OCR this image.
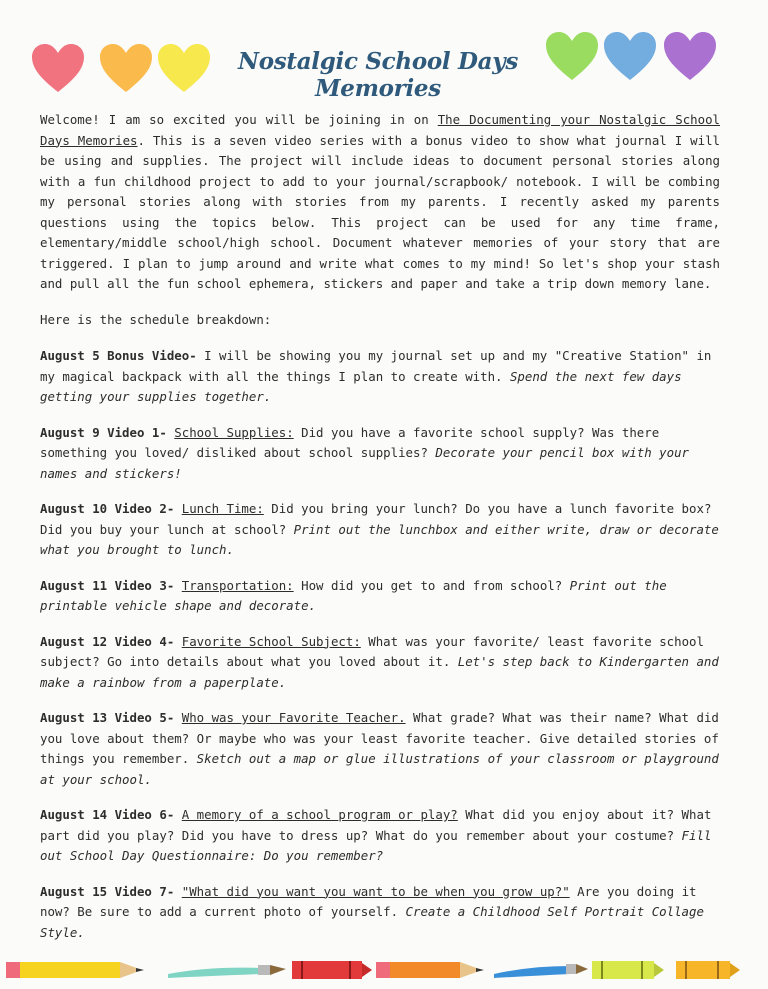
Nostalgic School Days Memories

Welcome! I am so excited you will be joining in on The Documenting your Nostalgic School Days Memories. This is a seven video series with a bonus video to show what journal I will be using and supplies. The project will include ideas to document personal stories along with a fun childhood project to add to your journal/scrapbook/ notebook. I will be combing my personal stories along with stories from my parents. I recently asked my parents questions using the topics below. This project can be used for any time frame, elementary/middle school/high school. Document whatever memories of your story that are triggered. I plan to jump around and write what comes to my mind! So let's shop your stash and pull all the fun school ephemera, stickers and paper and take a trip down memory lane.

Here is the schedule breakdown:

August 5 Bonus Video- I will be showing you my journal set up and my "Creative Station" in my magical backpack with all the things I plan to create with. Spend the next few days getting your supplies together.

August 9 Video 1- School Supplies: Did you have a favorite school supply? Was there something you loved/ disliked about school supplies? Decorate your pencil box with your names and stickers!

August 10 Video 2- Lunch Time: Did you bring your lunch? Do you have a lunch favorite box? Did you buy your lunch at school? Print out the lunchbox and either write, draw or decorate what you brought to lunch.

August 11 Video 3- Transportation: How did you get to and from school? Print out the printable vehicle shape and decorate.

August 12 Video 4- Favorite School Subject: What was your favorite/ least favorite school subject? Go into details about what you loved about it. Let's step back to Kindergarten and make a rainbow from a paperplate.

August 13 Video 5- Who was your Favorite Teacher. What grade? What was their name? What did you love about them? Or maybe who was your least favorite teacher. Give detailed stories of things you remember. Sketch out a map or glue illustrations of your classroom or playground at your school.

August 14 Video 6- A memory of a school program or play? What did you enjoy about it? What part did you play? Did you have to dress up? What do you remember about your costume? Fill out School Day Questionnaire: Do you remember?

August 15 Video 7- "What did you want you want to be when you grow up?" Are you doing it now? Be sure to add a current photo of yourself. Create a Childhood Self Portrait Collage Style.
